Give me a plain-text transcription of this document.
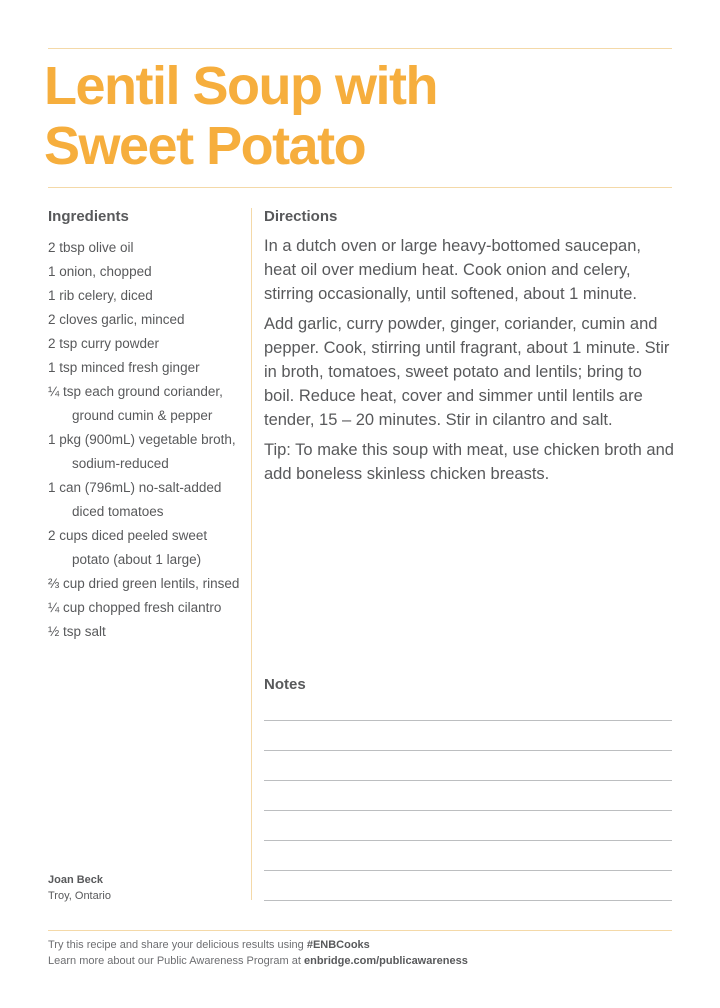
Lentil Soup with
Sweet Potato
Ingredients
2 tbsp olive oil
1 onion, chopped
1 rib celery, diced
2 cloves garlic, minced
2 tsp curry powder
1 tsp minced fresh ginger
¼ tsp each ground coriander, ground cumin & pepper
1 pkg (900mL) vegetable broth, sodium-reduced
1 can (796mL) no-salt-added diced tomatoes
2 cups diced peeled sweet potato (about 1 large)
⅔ cup dried green lentils, rinsed
¼ cup chopped fresh cilantro
½ tsp salt
Directions

In a dutch oven or large heavy-bottomed saucepan, heat oil over medium heat. Cook onion and celery, stirring occasionally, until softened, about 1 minute.

Add garlic, curry powder, ginger, coriander, cumin and pepper. Cook, stirring until fragrant, about 1 minute. Stir in broth, tomatoes, sweet potato and lentils; bring to boil. Reduce heat, cover and simmer until lentils are tender, 15 – 20 minutes. Stir in cilantro and salt.

Tip: To make this soup with meat, use chicken broth and add boneless skinless chicken breasts.

Notes
Joan Beck
Troy, Ontario
Try this recipe and share your delicious results using #ENBCooks
Learn more about our Public Awareness Program at enbridge.com/publicawareness
